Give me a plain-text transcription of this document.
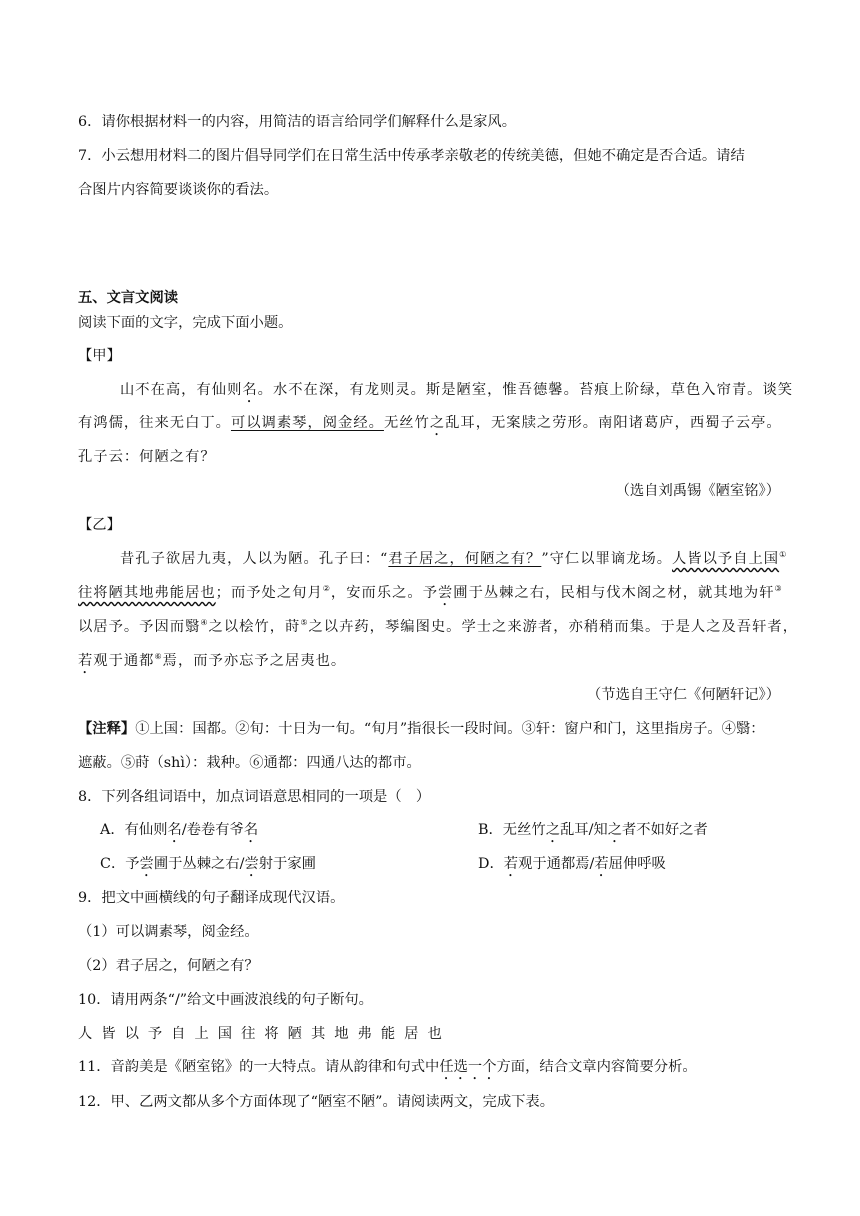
6．请你根据材料一的内容，用简洁的语言给同学们解释什么是家风。
7．小云想用材料二的图片倡导同学们在日常生活中传承孝亲敬老的传统美德，但她不确定是否合适。请结
合图片内容简要谈谈你的看法。
五、文言文阅读
阅读下面的文字，完成下面小题。
【甲】
山不在高，有仙则名。水不在深，有龙则灵。斯是陋室，惟吾德馨。苔痕上阶绿，草色入帘青。谈笑
有鸿儒，往来无白丁。可以调素琴，阅金经。无丝竹之乱耳，无案牍之劳形。南阳诸葛庐，西蜀子云亭。
孔子云：何陋之有？
（选自刘禹锡《陋室铭》）
【乙】
昔孔子欲居九夷，人以为陋。孔子曰：“君子居之，何陋之有？”守仁以罪谪龙场。人皆以予自上国①
往将陋其地弗能居也；而予处之旬月②，安而乐之。予尝圃于丛棘之右，民相与伐木阁之材，就其地为轩③
以居予。予因而翳④之以桧竹，莳⑤之以卉药，琴编图史。学士之来游者，亦稍稍而集。于是人之及吾轩者，
若观于通都⑥焉，而予亦忘予之居夷也。
（节选自王守仁《何陋轩记》）
【注释】①上国：国都。②旬：十日为一旬。“旬月”指很长一段时间。③轩：窗户和门，这里指房子。④翳：
遮蔽。⑤莳（shì）：栽种。⑥通都：四通八达的都市。
8．下列各组词语中，加点词语意思相同的一项是（　）
A．有仙则名/卷卷有爷名	B．无丝竹之乱耳/知之者不如好之者
C．予尝圃于丛棘之右/尝射于家圃	D．若观于通都焉/若屈伸呼吸
9．把文中画横线的句子翻译成现代汉语。
（1）可以调素琴，阅金经。
（2）君子居之，何陋之有？
10．请用两条“/”给文中画波浪线的句子断句。
人皆以予自上国往将陋其地弗能居也
11．音韵美是《陋室铭》的一大特点。请从韵律和句式中任选一个方面，结合文章内容简要分析。
12．甲、乙两文都从多个方面体现了“陋室不陋”。请阅读两文，完成下表。
